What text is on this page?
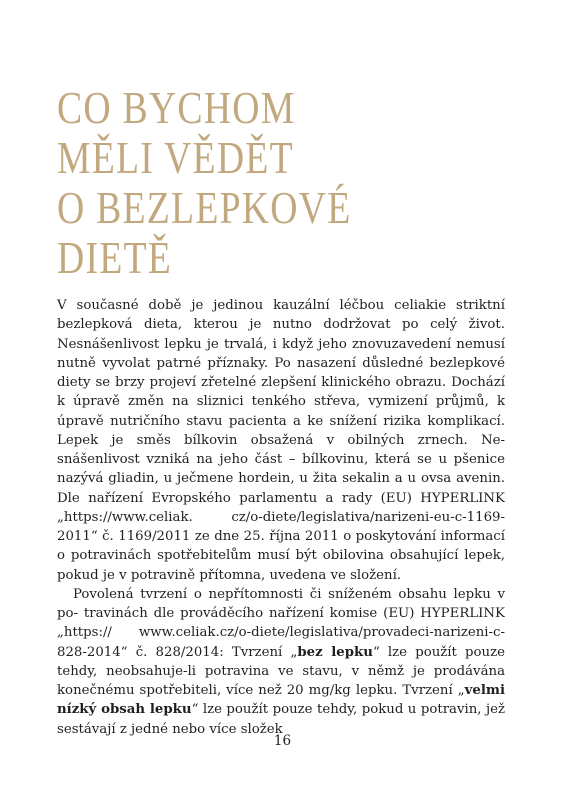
CO BYCHOM
MĚLI VĚDĚT
O BEZLEPKOVÉ
DIETĚ

V současné době je jedinou kauzální léčbou celiakie striktní bezlepková dieta, kterou je nutno dodržovat po celý život. Nesnášenlivost lepku je trvalá, i když jeho znovuzavedení nemusí nutně vyvolat patrné příznaky. Po nasazení důsledné bezlepkové diety se brzy projeví zřetelné zlepšení klinického obrazu. Dochází k úpravě změn na sliznici tenkého střeva, vymizení průjmů, k úpravě nutričního stavu pacienta a ke snížení rizika komplikací. Lepek je směs bílkovin obsažená v obilných zrnech. Ne- snášenlivost vzniká na jeho část – bílkovinu, která se u pšenice nazývá gliadin, u ječmene hordein, u žita sekalin a u ovsa avenin. Dle nařízení Evropského parlamentu a rady (EU) HYPERLINK „https://www.celiak.	cz/o-diete/legislativa/narizeni-eu-c-1169-2011“ č. 1169/2011 ze dne 25. října 2011 o poskytování informací o potravinách spotřebitelům musí být obilovina obsahující lepek, pokud je v potravině přítomna, uvedena ve složení.

Povolená tvrzení o nepřítomnosti či sníženém obsahu lepku v po- travinách dle prováděcího nařízení komise (EU) HYPERLINK „https:// www.celiak.cz/o-diete/legislativa/provadeci-narizeni-c-828-2014“ č. 828/2014: Tvrzení „bez lepku“ lze použít pouze tehdy, neobsahuje-li potravina ve stavu, v němž je prodávána konečnému spotřebiteli, více než 20 mg/kg lepku. Tvrzení „velmi nízký obsah lepku“ lze použít pouze tehdy, pokud u potravin, jež sestávají z jedné nebo více složek

16
